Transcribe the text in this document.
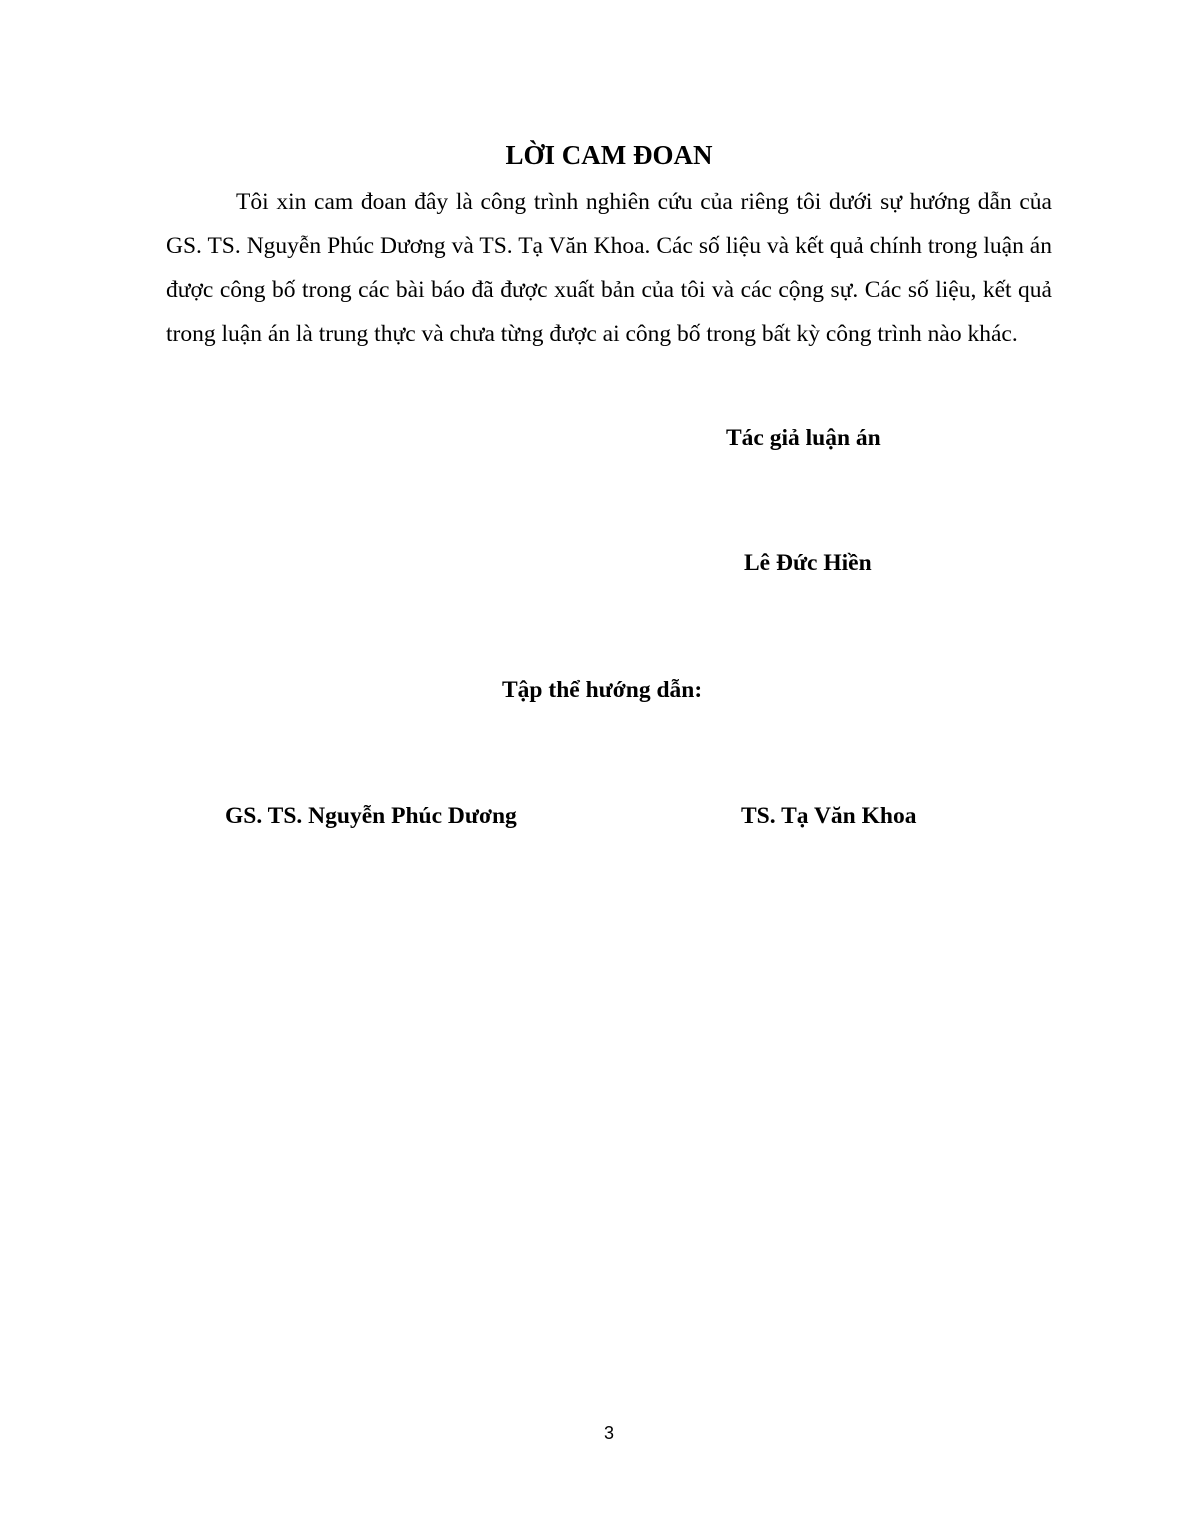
LỜI CAM ĐOAN

Tôi xin cam đoan đây là công trình nghiên cứu của riêng tôi dưới sự hướng dẫn của GS. TS. Nguyễn Phúc Dương và TS. Tạ Văn Khoa. Các số liệu và kết quả chính trong luận án được công bố trong các bài báo đã được xuất bản của tôi và các cộng sự. Các số liệu, kết quả trong luận án là trung thực và chưa từng được ai công bố trong bất kỳ công trình nào khác.

Tác giả luận án
Lê Đức Hiền
Tập thể hướng dẫn:
GS. TS. Nguyễn Phúc Dương	TS. Tạ Văn Khoa
3
